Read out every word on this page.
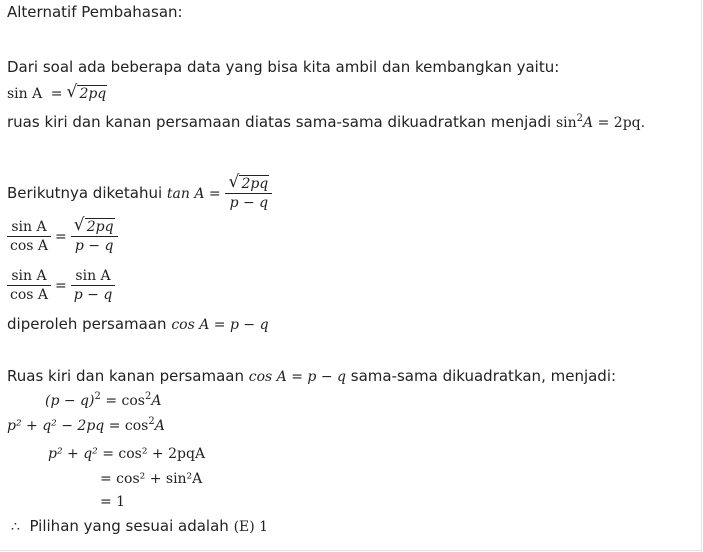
Alternatif Pembahasan:
Dari soal ada beberapa data yang bisa kita ambil dan kembangkan yaitu:
sin A = √ 2pq
ruas kiri dan kanan persamaan diatas sama-sama dikuadratkan menjadi $\sin^2A = 2pq$.
Berikutnya diketahui $\tan A = \frac{√ 2pq}{p - q}$
$\frac{\text{sin A}}{\text{cos A}} = \frac{√ 2pq}{p - q}$
$\frac{\text{sin A}}{\text{cos A}} = \frac{\text{sin A}}{p - q}$
diperoleh persamaan cos A = p − q
Ruas kiri dan kanan persamaan cos A = p − q sama-sama dikuadratkan, menjadi:
$(p - q)^2 = \cos^2A$
$p^2 + q^2 - 2pq = \cos^2A$
p² + q² = cos² + 2pqA
= cos² + sin²A
= 1
∴ Pilihan yang sesuai adalah (E) 1
